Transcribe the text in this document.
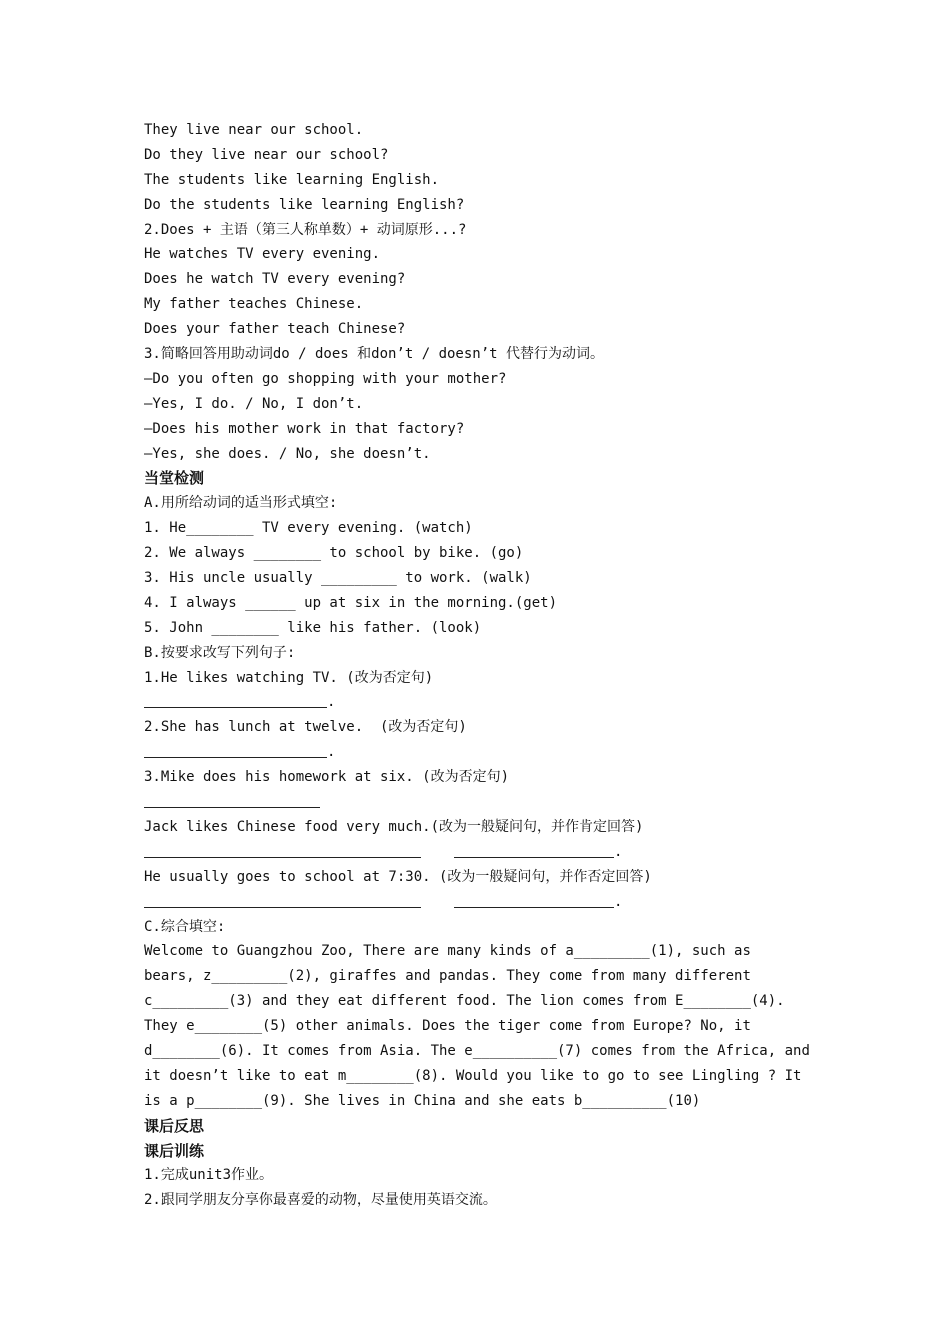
They live near our school.
Do they live near our school?
The students like learning English.
Do the students like learning English?
2.Does + 主语（第三人称单数）+ 动词原形...?
He watches TV every evening.
Does he watch TV every evening?
My father teaches Chinese.
Does your father teach Chinese?
3.简略回答用助动词do / does 和don’t / doesn’t 代替行为动词。
—Do you often go shopping with your mother?
—Yes, I do. / No, I don’t.
—Does his mother work in that factory?
—Yes, she does. / No, she doesn’t.
当堂检测
A.用所给动词的适当形式填空:
1. He________ TV every evening. (watch)
2. We always ________ to school by bike. (go)
3. His uncle usually _________ to work. (walk)
4. I always ______ up at six in the morning.(get)
5. John ________ like his father. (look)
B.按要求改写下列句子:
1.He likes watching TV. (改为否定句)
.
2.She has lunch at twelve.  (改为否定句)
.
3.Mike does his homework at six. (改为否定句)
Jack likes Chinese food very much.(改为一般疑问句，并作肯定回答)
.
He usually goes to school at 7:30. (改为一般疑问句，并作否定回答)
.
C.综合填空:
Welcome to Guangzhou Zoo, There are many kinds of a_________(1), such as
bears, z_________(2), giraffes and pandas. They come from many different
c_________(3) and they eat different food. The lion comes from E________(4).
They e________(5) other animals. Does the tiger come from Europe? No, it
d________(6). It comes from Asia. The e__________(7) comes from the Africa, and
it doesn’t like to eat m________(8). Would you like to go to see Lingling ? It
is a p________(9). She lives in China and she eats b__________(10)
课后反思
课后训练
1.完成unit3作业。
2.跟同学朋友分享你最喜爱的动物，尽量使用英语交流。
